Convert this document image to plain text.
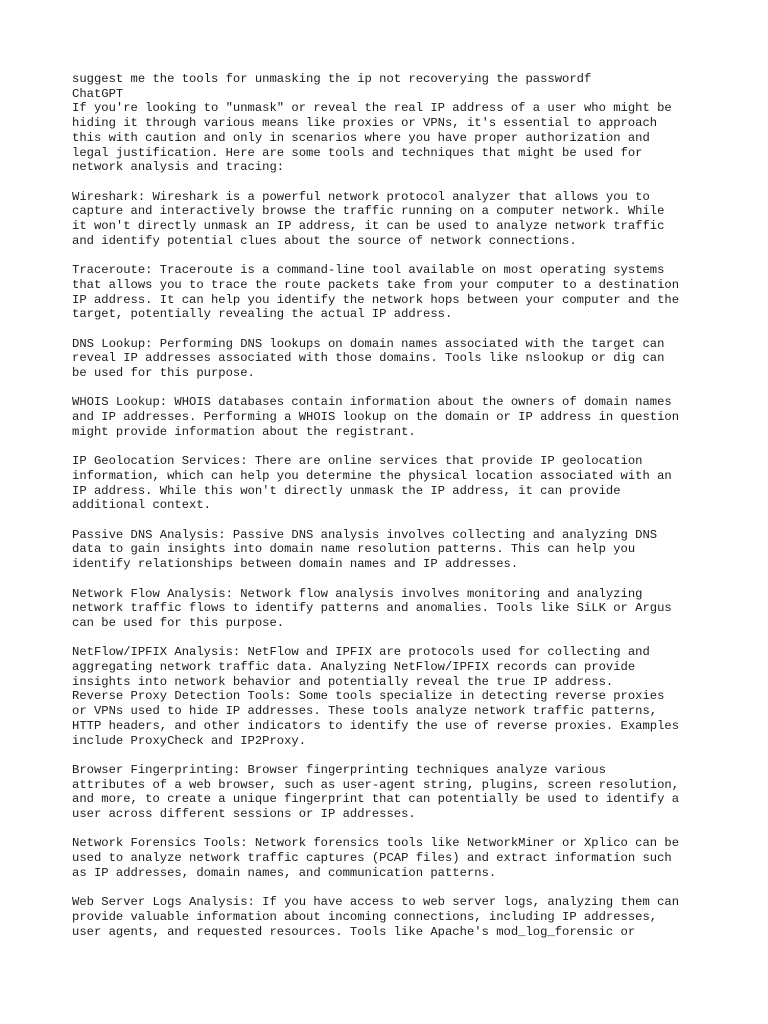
suggest me the tools for unmasking the ip not recoverying the passwordf
ChatGPT
If you're looking to "unmask" or reveal the real IP address of a user who might be
hiding it through various means like proxies or VPNs, it's essential to approach
this with caution and only in scenarios where you have proper authorization and
legal justification. Here are some tools and techniques that might be used for
network analysis and tracing:
Wireshark: Wireshark is a powerful network protocol analyzer that allows you to
capture and interactively browse the traffic running on a computer network. While
it won't directly unmask an IP address, it can be used to analyze network traffic
and identify potential clues about the source of network connections.
Traceroute: Traceroute is a command-line tool available on most operating systems
that allows you to trace the route packets take from your computer to a destination
IP address. It can help you identify the network hops between your computer and the
target, potentially revealing the actual IP address.
DNS Lookup: Performing DNS lookups on domain names associated with the target can
reveal IP addresses associated with those domains. Tools like nslookup or dig can
be used for this purpose.
WHOIS Lookup: WHOIS databases contain information about the owners of domain names
and IP addresses. Performing a WHOIS lookup on the domain or IP address in question
might provide information about the registrant.
IP Geolocation Services: There are online services that provide IP geolocation
information, which can help you determine the physical location associated with an
IP address. While this won't directly unmask the IP address, it can provide
additional context.
Passive DNS Analysis: Passive DNS analysis involves collecting and analyzing DNS
data to gain insights into domain name resolution patterns. This can help you
identify relationships between domain names and IP addresses.
Network Flow Analysis: Network flow analysis involves monitoring and analyzing
network traffic flows to identify patterns and anomalies. Tools like SiLK or Argus
can be used for this purpose.
NetFlow/IPFIX Analysis: NetFlow and IPFIX are protocols used for collecting and
aggregating network traffic data. Analyzing NetFlow/IPFIX records can provide
insights into network behavior and potentially reveal the true IP address.
Reverse Proxy Detection Tools: Some tools specialize in detecting reverse proxies
or VPNs used to hide IP addresses. These tools analyze network traffic patterns,
HTTP headers, and other indicators to identify the use of reverse proxies. Examples
include ProxyCheck and IP2Proxy.
Browser Fingerprinting: Browser fingerprinting techniques analyze various
attributes of a web browser, such as user-agent string, plugins, screen resolution,
and more, to create a unique fingerprint that can potentially be used to identify a
user across different sessions or IP addresses.
Network Forensics Tools: Network forensics tools like NetworkMiner or Xplico can be
used to analyze network traffic captures (PCAP files) and extract information such
as IP addresses, domain names, and communication patterns.
Web Server Logs Analysis: If you have access to web server logs, analyzing them can
provide valuable information about incoming connections, including IP addresses,
user agents, and requested resources. Tools like Apache's mod_log_forensic or
